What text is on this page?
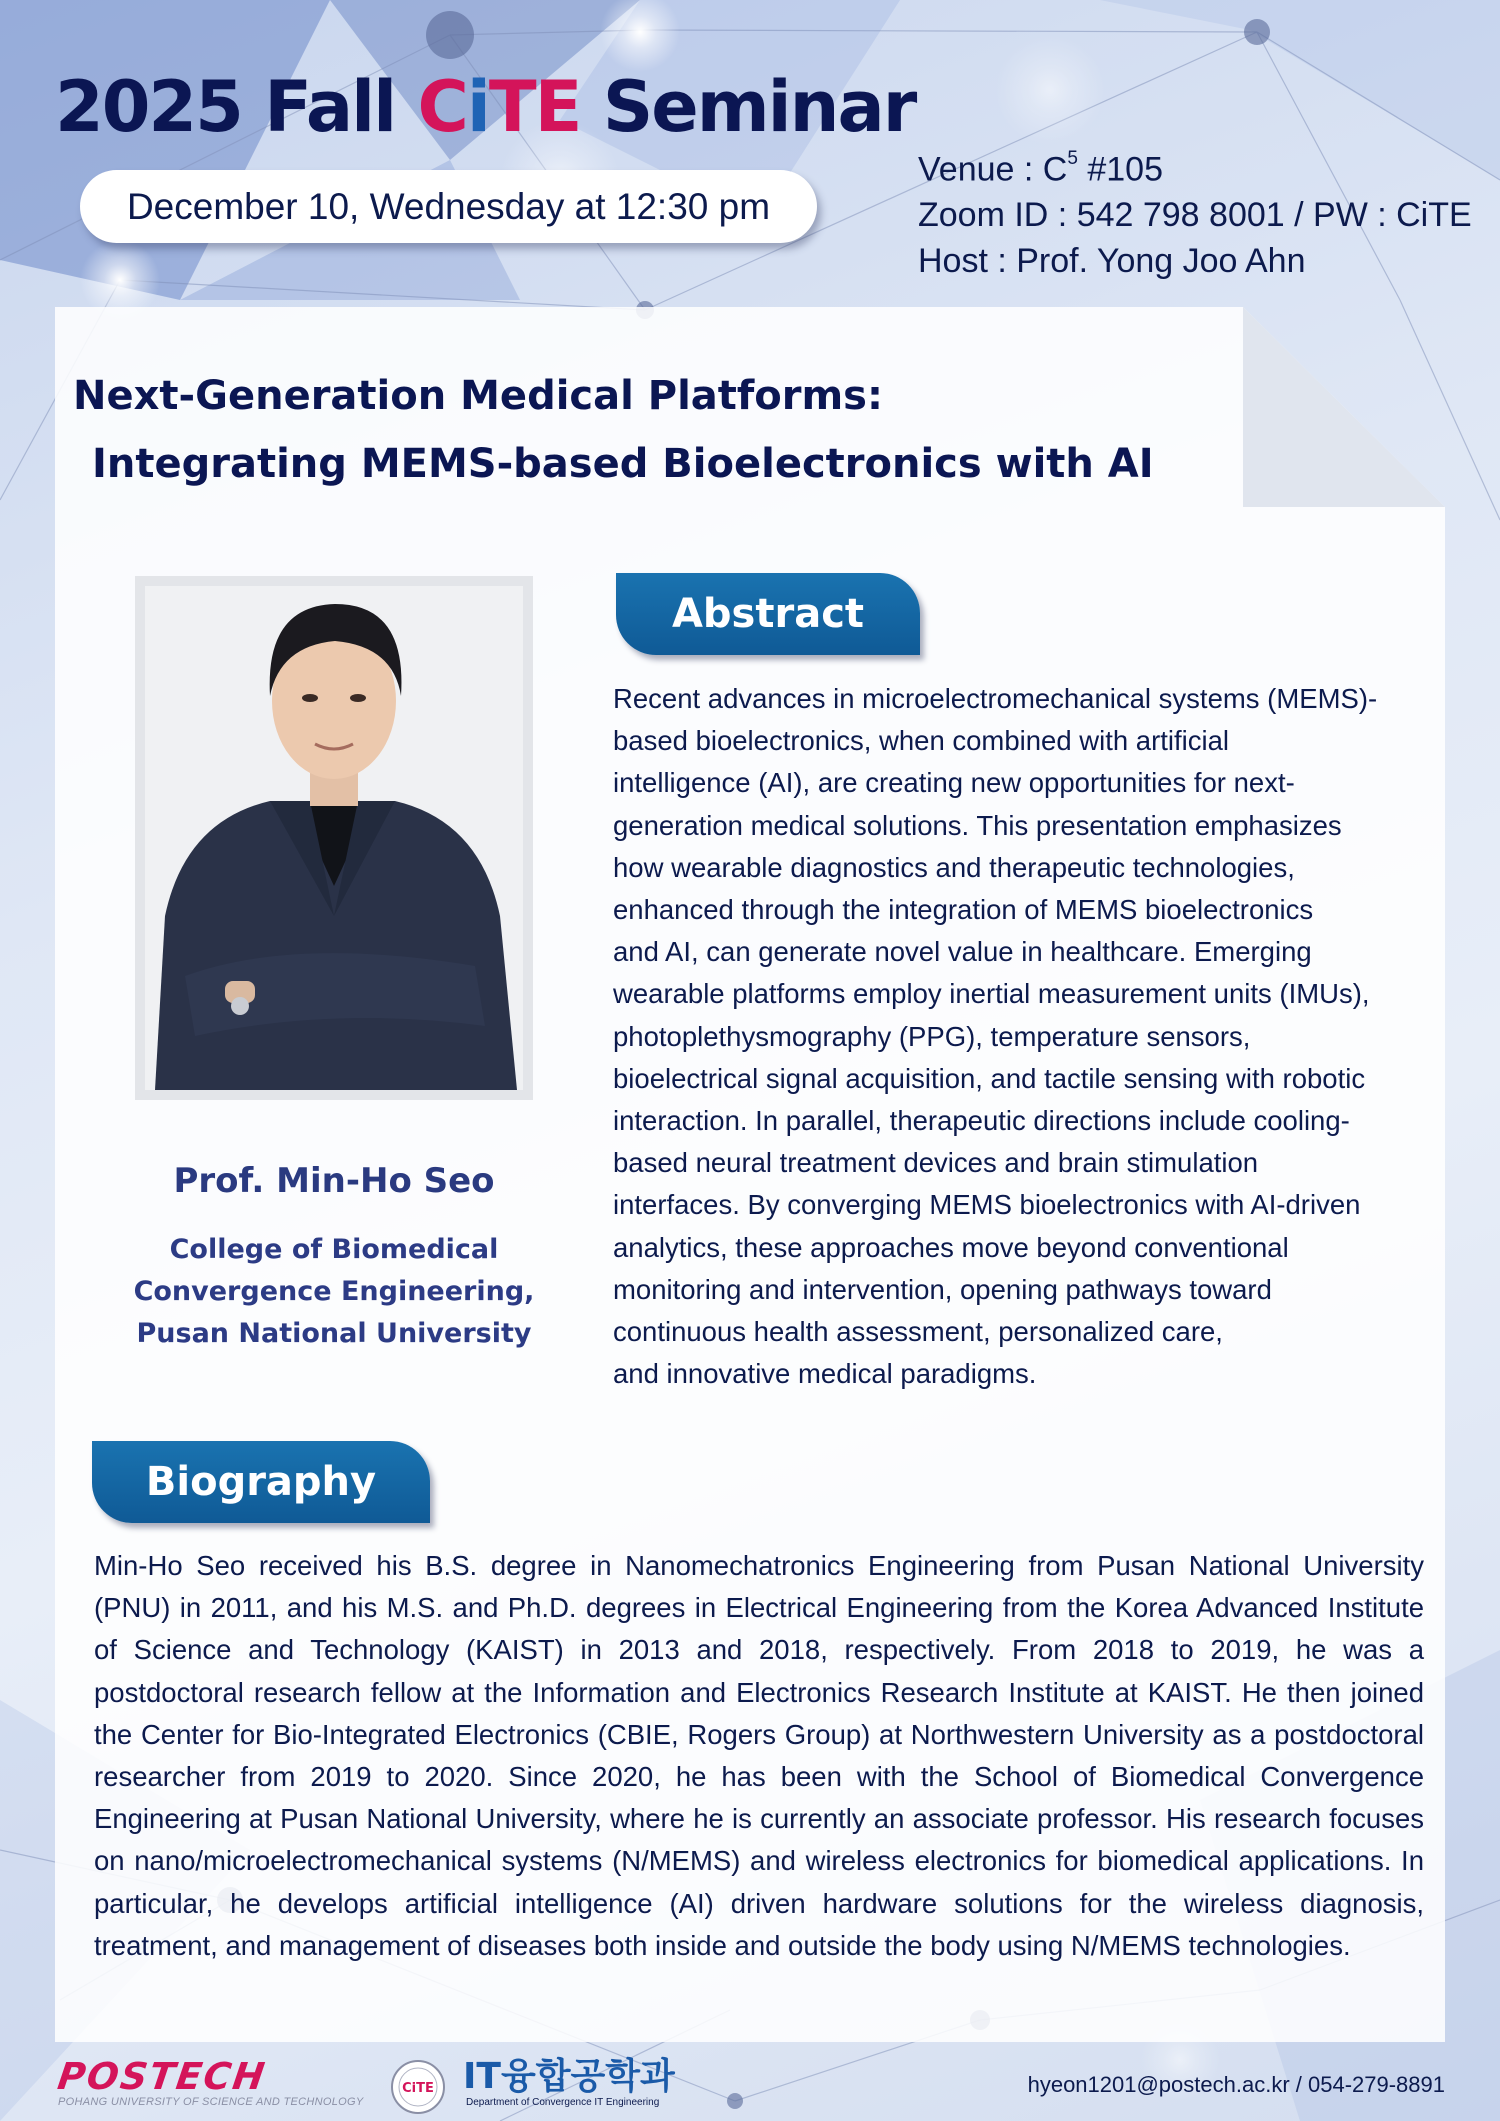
2025 Fall CiTE Seminar
December 10, Wednesday at 12:30 pm
Venue : $C^5$ #105
Zoom ID : 542 798 8001 / PW : CiTE
Host : Prof. Yong Joo Ahn
Next-Generation Medical Platforms:
Integrating MEMS-based Bioelectronics with AI
Prof. Min-Ho Seo
College of Biomedical
Convergence Engineering,
Pusan National University
Abstract
Recent advances in microelectromechanical systems (MEMS)-
based bioelectronics, when combined with artificial
intelligence (AI), are creating new opportunities for next-
generation medical solutions. This presentation emphasizes
how wearable diagnostics and therapeutic technologies,
enhanced through the integration of MEMS bioelectronics
and AI, can generate novel value in healthcare. Emerging
wearable platforms employ inertial measurement units (IMUs),
photoplethysmography (PPG), temperature sensors,
bioelectrical signal acquisition, and tactile sensing with robotic
interaction. In parallel, therapeutic directions include cooling-
based neural treatment devices and brain stimulation
interfaces. By converging MEMS bioelectronics with AI-driven
analytics, these approaches move beyond conventional
monitoring and intervention, opening pathways toward
continuous health assessment, personalized care,
and innovative medical paradigms.
Biography
Min-Ho Seo received his B.S. degree in Nanomechatronics Engineering from Pusan National University (PNU) in 2011, and his M.S. and Ph.D. degrees in Electrical Engineering from the Korea Advanced Institute of Science and Technology (KAIST) in 2013 and 2018, respectively. From 2018 to 2019, he was a postdoctoral research fellow at the Information and Electronics Research Institute at KAIST. He then joined the Center for Bio-Integrated Electronics (CBIE, Rogers Group) at Northwestern University as a postdoctoral researcher from 2019 to 2020. Since 2020, he has been with the School of Biomedical Convergence Engineering at Pusan National University, where he is currently an associate professor. His research focuses on nano/microelectromechanical systems (N/MEMS) and wireless electronics for biomedical applications. In particular, he develops artificial intelligence (AI) driven hardware solutions for the wireless diagnosis, treatment, and management of diseases both inside and outside the body using N/MEMS technologies.
POSTECH
POHANG UNIVERSITY OF SCIENCE AND TECHNOLOGY
CiTE IT융합공학과
Department of Convergence IT Engineering
hyeon1201@postech.ac.kr / 054-279-8891
